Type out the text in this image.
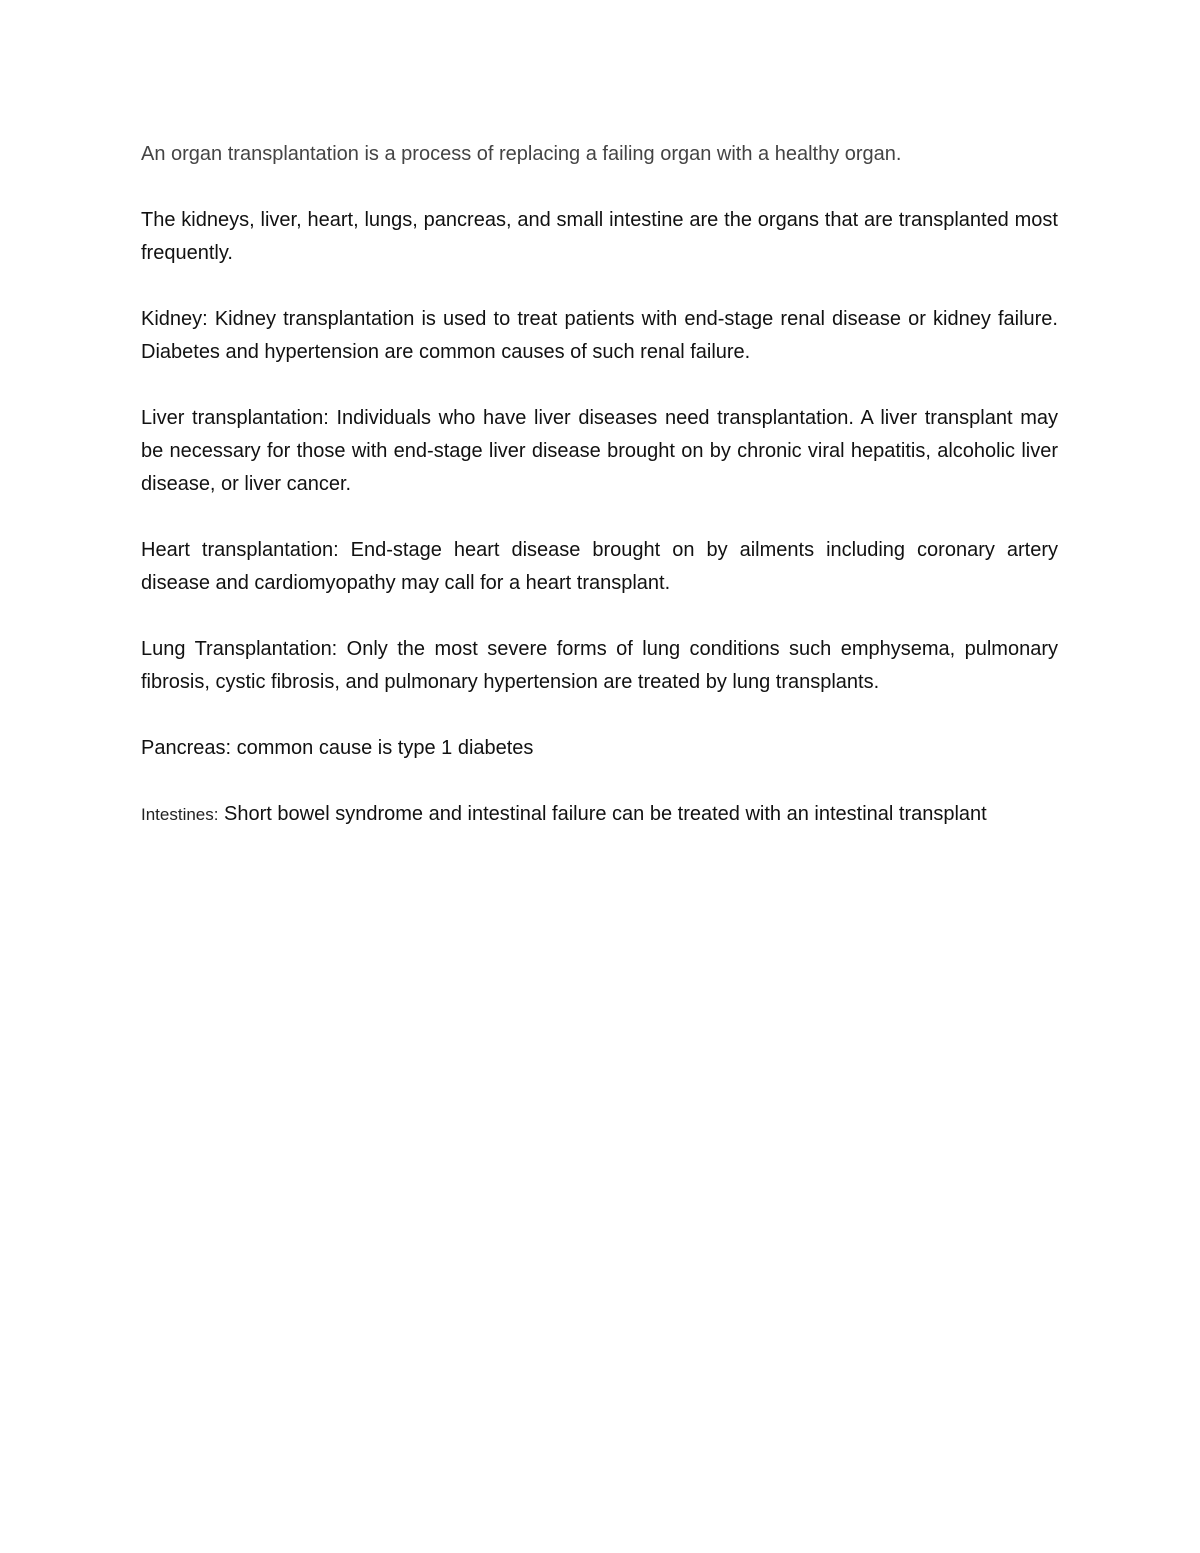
An organ transplantation is a process of replacing a failing organ with a healthy organ.

The kidneys, liver, heart, lungs, pancreas, and small intestine are the organs that are transplanted most frequently.

Kidney: Kidney transplantation is used to treat patients with end-stage renal disease or kidney failure. Diabetes and hypertension are common causes of such renal failure.

Liver transplantation: Individuals who have liver diseases need transplantation. A liver transplant may be necessary for those with end-stage liver disease brought on by chronic viral hepatitis, alcoholic liver disease, or liver cancer.

Heart transplantation: End-stage heart disease brought on by ailments including coronary artery disease and cardiomyopathy may call for a heart transplant.

Lung Transplantation: Only the most severe forms of lung conditions such emphysema, pulmonary fibrosis, cystic fibrosis, and pulmonary hypertension are treated by lung transplants.

Pancreas: common cause is type 1 diabetes

Intestines: Short bowel syndrome and intestinal failure can be treated with an intestinal transplant
